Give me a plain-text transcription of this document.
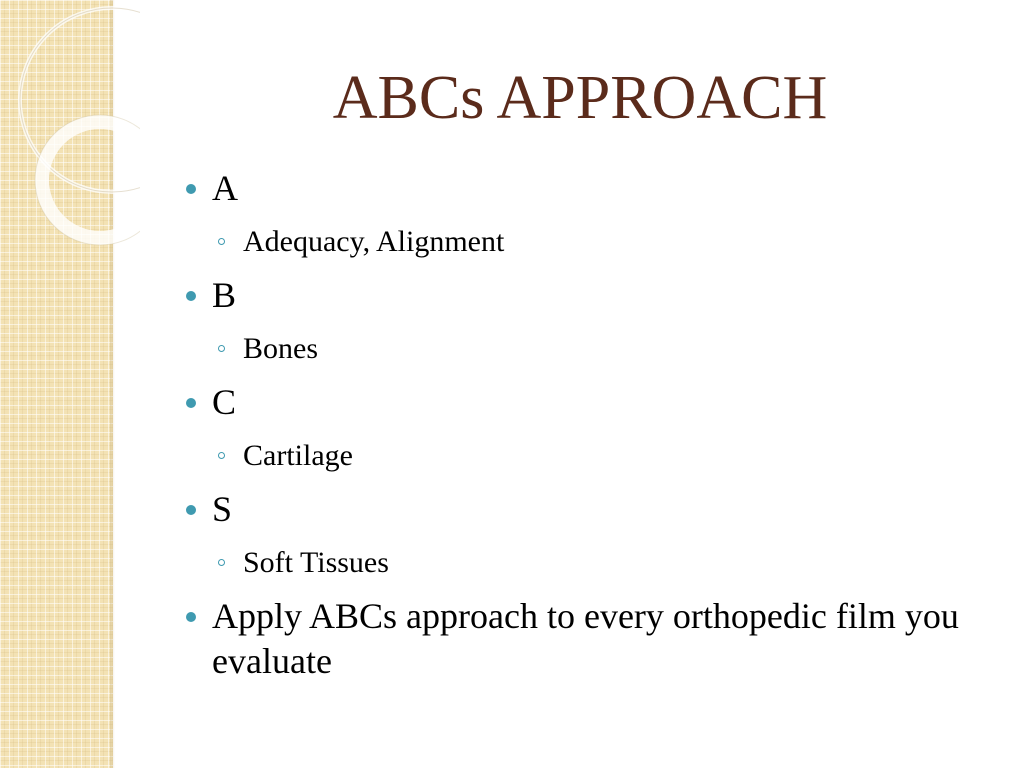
ABCs APPROACH
A
Adequacy, Alignment
B
Bones
C
Cartilage
S
Soft Tissues
Apply ABCs approach to every orthopedic film you evaluate
